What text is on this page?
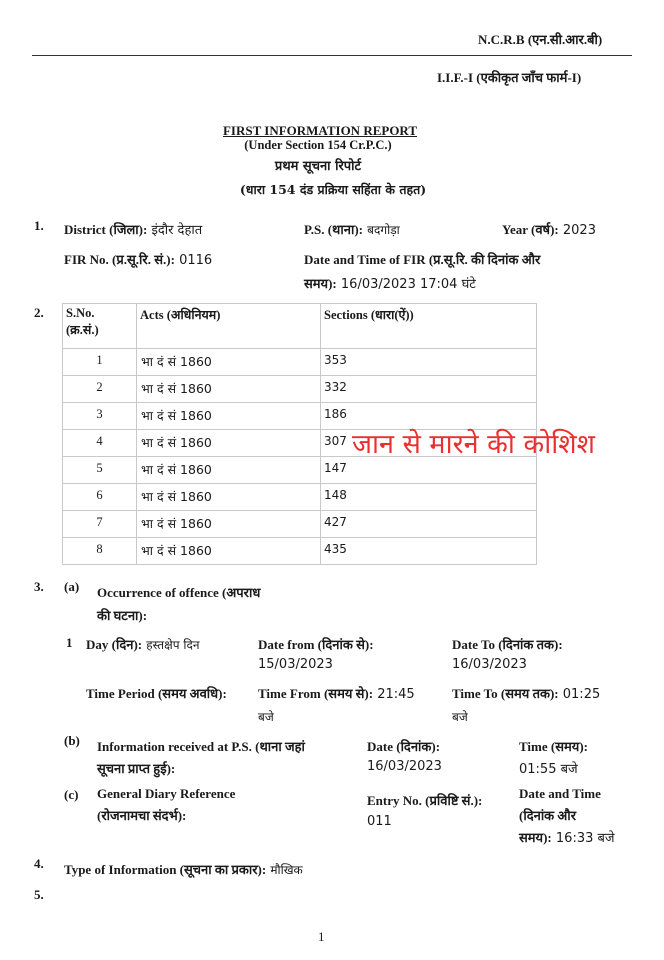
N.C.R.B (एन.सी.आर.बी)
I.I.F.-I (एकीकृत जाँच फार्म-I)
FIRST INFORMATION REPORT
(Under Section 154 Cr.P.C.)
प्रथम सूचना रिपोर्ट
(धारा 154 दंड प्रक्रिया सहिंता के तहत)
1. District (जिला): इंदौर देहात	P.S. (थाना): बदगोड़ा	Year (वर्ष): 2023
FIR No. (प्र.सू.रि. सं.): 0116	Date and Time of FIR (प्र.सू.रि. की दिनांक और
समय): 16/03/2023 17:04 घंटे
2. S.No.
(क्र.सं.)	Acts (अधिनियम)	Sections (धारा(ऐं))
1	भा दं सं 1860	353
2	भा दं सं 1860	332
3	भा दं सं 1860	186
4	भा दं सं 1860	307
5	भा दं सं 1860	147
6	भा दं सं 1860	148
7	भा दं सं 1860	427
8	भा दं सं 1860	435
जान से मारने की कोशिश
3. (a) Occurrence of offence (अपराध
की घटना):
1 Day (दिन): हस्तक्षेप दिन	Date from (दिनांक से):
15/03/2023
Date To (दिनांक तक):
16/03/2023
Time Period (समय अवधि): Time From (समय से): 21:45
बजे
Time To (समय तक): 01:25
बजे
(b) Information received at P.S. (थाना जहां
सूचना प्राप्त हुई):
Date (दिनांक):
16/03/2023
Time (समय):
01:55 बजे
(c) General Diary Reference
(रोजनामचा संदर्भ):
Entry No. (प्रविष्टि सं.):
011
Date and Time
(दिनांक और
समय): 16:33 बजे
4. Type of Information (सूचना का प्रकार): मौखिक
5.
1
